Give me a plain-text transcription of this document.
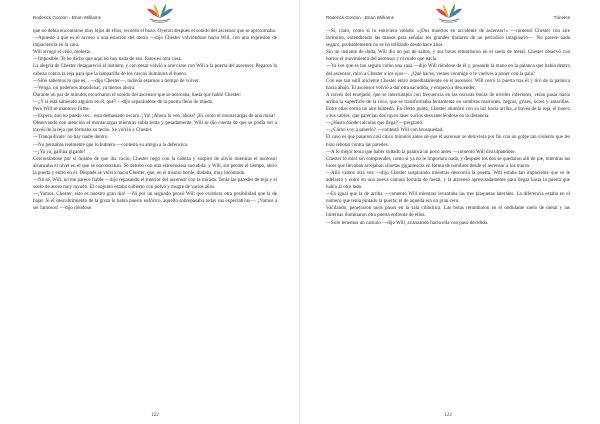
Roderick Gordon - Brian Williams

que no debía encontrarse muy lejos de ellos, recordó el buzo. Oyeron después el sonido del ascensor que se aproximaba.

—Apuesto a que es el acceso a una estación del metro —dijo Chester volviéndose hacia Will, con una expresión de impaciencia en la cara.

Will arrugó el ceño, molesto.

—Imposible. Te he dicho que aquí no hay nada de eso. Estos es otra cosa.

La alegría de Chester desapareció al instante, y con pesar volvió a acercarse con Will a la puerta del ascensor. Pegaron la cabeza contra la reja para que la lamparilla de los cascos iluminara el hueco.

—Sino sabemos lo que es... —dijo Chester—, todavía estamos a tiempo de volver.

—Venga, no podemos abandonar, ya menos ahora.

Durante un par de minutos escucharon el sonido del ascensor que se acercaba, hasta que habló Chester:

—¿Y si está subiendo alguien en él, qué? —dijo separándose de la puerta lleno de miedo.

Pero Will se mantuvo firme.

—Espera, aún no puedo ver... está demasiado oscuro. ¡Ya! ¡Ahora lo veo, ahora! ¡Es como el montacargas de una mina!

Observando con atención el montacargas mientras subía lenta y pesadamente, Will se dio cuenta de que se podía ver a través de la reja que formaba su techo. Se volvió a Chester.

—Tranquilízate: no hay nadie dentro.

—No pensabas realmente que lo hubiera —contestó su amigo a la defensiva.

—¡Ya ya, gallina gigante!

Cerciorándose por sí mismo de que iba vacío, Chester negó con la cabeza y suspiró de alivio mientras el ascensor alcanzaba el nivel en el que se encontraban. Se detuvo con una estruendosa sacudida, y Will, sin perder el tiempo, abrió la puerta y entró en él. Después se volvió hacia Chester, que, en el mismo borde, dudaba, muy incómodo.

—No sé, Will, no me parece fiable —dijo repasando el interior del ascensor con la mirada. Tenía las paredes de reja y el suelo de acero muy rayado. El conjunto estaba cubierto con polvo y mugre de varios años.

—¡Vamos, Chester, esto es nuestro gran día! —Ni por un segundo pensó Will que existiera otra posibilidad que la de bajar. Si el descubrimiento de la gruta lo había puesto eufórico, aquello sobrepasaba todas sus expectativas—. ¡Vamos a ser famosos! —dijo riéndose.

122
Roderick Gordon - Brian Williams	Túneles

—Sí, claro, como si lo estuviera viendo: «¡Dos muertos en accidente de ascensor!» —contestó Chester con aire taciturno, extendiendo las manos para señalar los grandes titulares de un periódico imaginario—. No parece nada seguro, probablemente no se ha utilizado desde hace años.

Sin un instante de duda, Will dio un par de saltos, y sus botas retumbaron en el suelo de metal. Chester observó con horror el movimiento del ascensor y el ruido que hacía.

—Ya ves que es tan seguro como una casa —dijo Will riéndose de él y, posando la mano en la palanca que había dentro del ascensor, miró a Chester a los ojos—. ¿Qué haces, vienes conmigo o te vuelves a poner con la pala?

Con ese tan sutil aliciente Chester entró inmediatamente en el ascensor. Will cerró la puerta tras él y tiró de la palanca hacia abajo. El ascensor volvió a dar otra sacudida, y empezó a descender.

A través del enrejado, que se interrumpía con frecuencia en las oscuras bocas de niveles inferiores, veían pasar hacia arriba la superficie de la roca, que se transformaba lentamente en sombras marrones, negras, grises, ocres y amarillas. Entre ellas corría un aire húmedo. En cierto punto, Chester alumbró con su luz hacia arriba, a través de la reja, el hueco y los cables, que parecían dos rayos láser sucios desvaneciéndose en la distancia.

—¿Hasta dónde calculas que llega? —preguntó.

—¿Cómo voy a saberlo? —contestó Will con brusquedad.

El caso es que pasaron casi cinco minutos antes de que el ascensor se detuviera por fin con un golpe tan violento que les hizo rebotar contra las paredes.

—A lo mejor tenía que haber soltado la palanca un poco antes —comentó Will disculpándose.

Chester lo miró sin comprender, como si ya no le importara nada, y después los dos se quedaron allí de pie, mientras las luces que llevaban arrojaban siluetas gigantescas en forma de nombres desde el ascensor a los muros.

—Allá vamos otra vez —dijo Chester suspirando mientras descorría la puerta. Will estaba tan impaciente que se le adelantó y entró en una nueva cámara forrada de metal, y la atravesó apresuradamente para llegar hasta la puerta que había al otro lado.

—Es igual que la de arriba —comentó Will mientras levantaba las tres plaquetas laterales. La diferencia estaba en el número que tenía pintado la puerta: el de aquella era un gran cero.

Vacilando, penetraron unos pasos en la sala cilíndrica. Las botas retumbaron en el ondulante suelo de metal y las linternas iluminaron otra puerta enfrente de ellos.

—Solo tenemos un camino —dijo Will, avanzando hacia ella con paso decidido.

123
